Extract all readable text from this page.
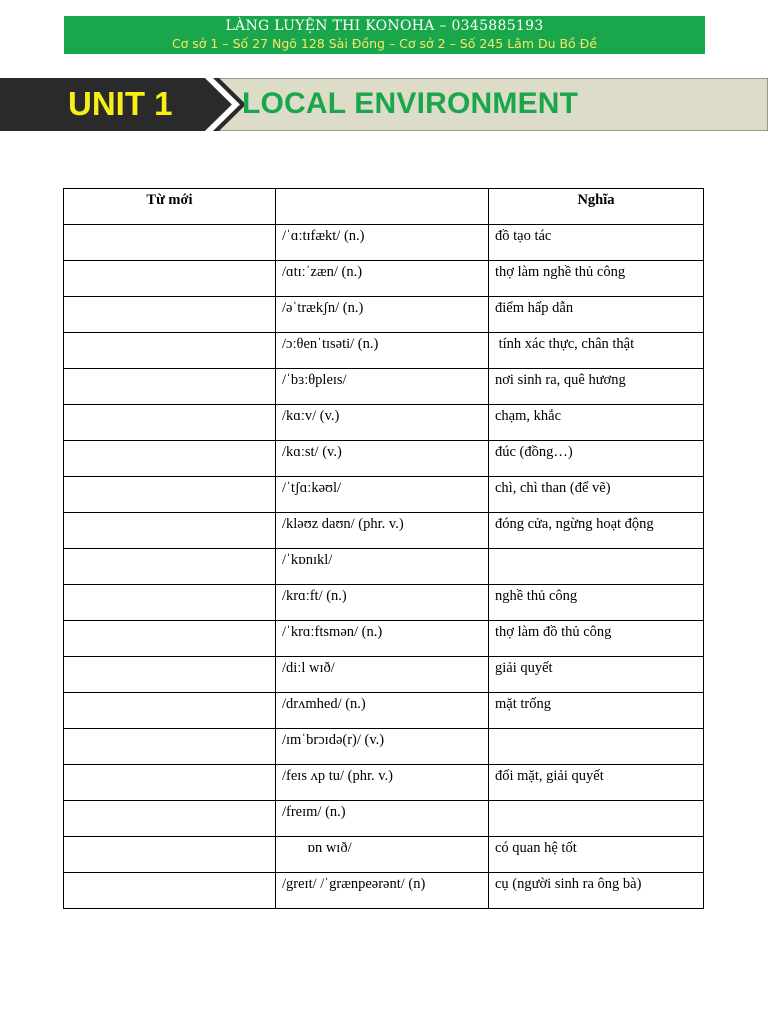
LÀNG LUYỆN THI KONOHA – 0345885193
Cơ sở 1 – Số 27 Ngõ 128 Sài Đồng – Cơ sở 2 – Số 245 Lâm Du Bồ Đề
UNIT 1 LOCAL ENVIRONMENT
Từ mới		Nghĩa
	/ˈɑːtɪfækt/ (n.)	đồ tạo tác
	/ɑtɪːˈzæn/ (n.)	thợ làm nghề thủ công
	/əˈtrækʃn/ (n.)	điểm hấp dẫn
	/ɔːθenˈtɪsəti/ (n.)	tính xác thực, chân thật
	/ˈbɜːθpleɪs/	nơi sinh ra, quê hương
	/kɑːv/ (v.)	chạm, khắc
	/kɑːst/ (v.)	đúc (đồng…)
	/ˈtʃɑːkəʊl/	chì, chì than (để vẽ)
	/kləʊz daʊn/ (phr. v.)	đóng cửa, ngừng hoạt động
	/ˈkɒnɪkl/	
	/krɑːft/ (n.)	nghề thủ công
	/ˈkrɑːftsmən/ (n.)	thợ làm đồ thủ công
	/diːl wɪð/	giải quyết
	/drʌmhed/ (n.)	mặt trống
	/ɪmˈbrɔɪdə(r)/ (v.)	
	/feɪs ʌp tu/ (phr. v.)	đối mặt, giải quyết
	/freɪm/ (n.)	
	ɒn wɪð/	có quan hệ tốt
	/greɪt/ /ˈgrænpeərənt/ (n)	cụ (người sinh ra ông bà)
